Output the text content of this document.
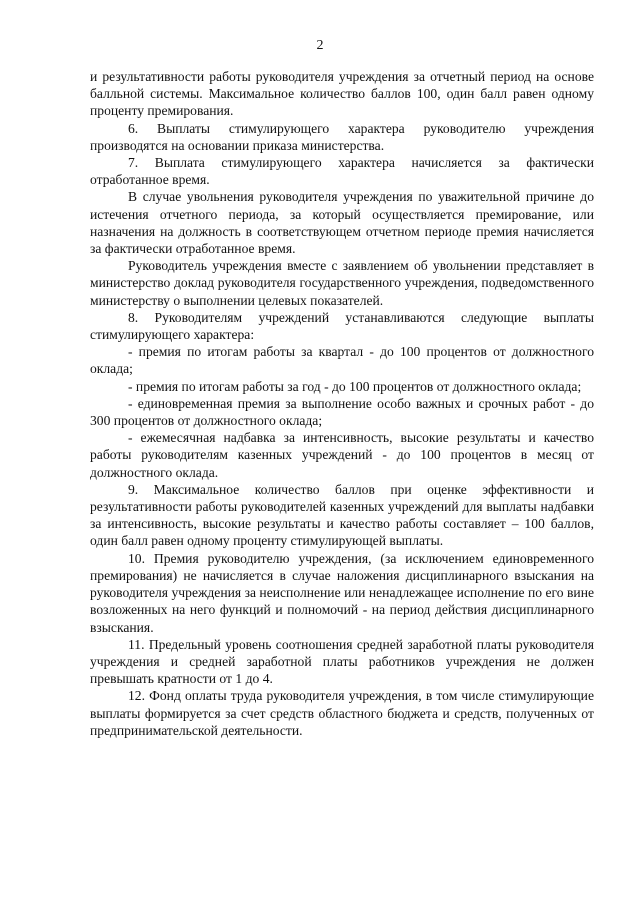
2

и результативности работы руководителя учреждения за отчетный период на основе балльной системы. Максимальное количество баллов 100, один балл равен одному проценту премирования.

6. Выплаты стимулирующего характера руководителю учреждения производятся на основании приказа министерства.

7. Выплата стимулирующего характера начисляется за фактически отработанное время.

В случае увольнения руководителя учреждения по уважительной причине до истечения отчетного периода, за который осуществляется премирование, или назначения на должность в соответствующем отчетном периоде премия начисляется за фактически отработанное время.

Руководитель учреждения вместе с заявлением об увольнении представляет в министерство доклад руководителя государственного учреждения, подведомственного министерству о выполнении целевых показателей.

8. Руководителям учреждений устанавливаются следующие выплаты стимулирующего характера:

- премия по итогам работы за квартал - до 100 процентов от должностного оклада;

- премия по итогам работы за год - до 100 процентов от должностного оклада;

- единовременная премия за выполнение особо важных и срочных работ - до 300 процентов от должностного оклада;

- ежемесячная надбавка за интенсивность, высокие результаты и качество работы руководителям казенных учреждений - до 100 процентов в месяц от должностного оклада.

9. Максимальное количество баллов при оценке эффективности и результативности работы руководителей казенных учреждений для выплаты надбавки за интенсивность, высокие результаты и качество работы составляет – 100 баллов, один балл равен одному проценту стимулирующей выплаты.

10. Премия руководителю учреждения, (за исключением единовременного премирования) не начисляется в случае наложения дисциплинарного взыскания на руководителя учреждения за неисполнение или ненадлежащее исполнение по его вине возложенных на него функций и полномочий - на период действия дисциплинарного взыскания.

11. Предельный уровень соотношения средней заработной платы руководителя учреждения и средней заработной платы работников учреждения не должен превышать кратности от 1 до 4.

12. Фонд оплаты труда руководителя учреждения, в том числе стимулирующие выплаты формируется за счет средств областного бюджета и средств, полученных от предпринимательской деятельности.
